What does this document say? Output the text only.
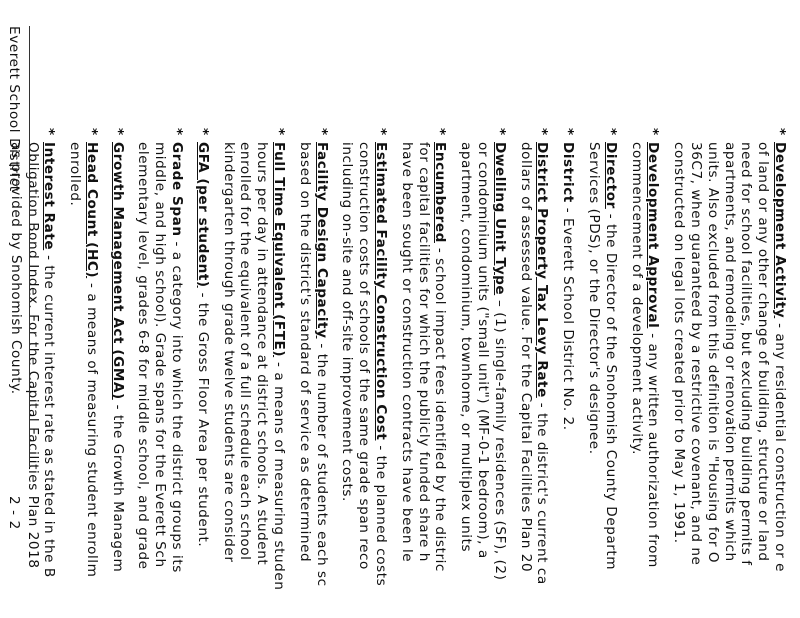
*Development Activity - any residential construction or e
of land or any other change of building, structure or land
need for school facilities, but excluding building permits f
apartments, and remodeling or renovation permits which
units. Also excluded from this definition is "Housing for O
36C7, when guaranteed by a restrictive covenant, and ne
constructed on legal lots created prior to May 1, 1991.
*Development Approval - any written authorization from
commencement of a development activity.
*Director - the Director of the Snohomish County Departm
Services (PDS), or the Director's designee.
*District - Everett School District No. 2.
*District Property Tax Levy Rate - the district's current ca
dollars of assessed value. For the Capital Facilities Plan 20
*Dwelling Unit Type – (1) single-family residences (SF), (2)
or condominium units ("small unit") (MF-0-1 bedroom), a
apartment, condominium, townhome, or multiplex units
*Encumbered - school impact fees identified by the distric
for capital facilities for which the publicly funded share h
have been sought or construction contracts have been le
*Estimated Facility Construction Cost - the planned costs
construction costs of schools of the same grade span reco
including on-site and off-site improvement costs.
*Facility Design Capacity - the number of students each sc
based on the district's standard of service as determined
*Full Time Equivalent (FTE) - a means of measuring studen
hours per day in attendance at district schools. A student
enrolled for the equivalent of a full schedule each school
kindergarten through grade twelve students are consider
*GFA (per student) - the Gross Floor Area per student.
*Grade Span - a category into which the district groups its
middle, and high school). Grade spans for the Everett Sch
elementary level, grades 6-8 for middle school, and grade
*Growth Management Act (GMA) - the Growth Managem
*Head Count (HC) - a means of measuring student enrollm
enrolled.
*Interest Rate - the current interest rate as stated in the B
Obligation Bond Index. For the Capital Facilities Plan 2018
as provided by Snohomish County.
Everett School District
2 - 2
